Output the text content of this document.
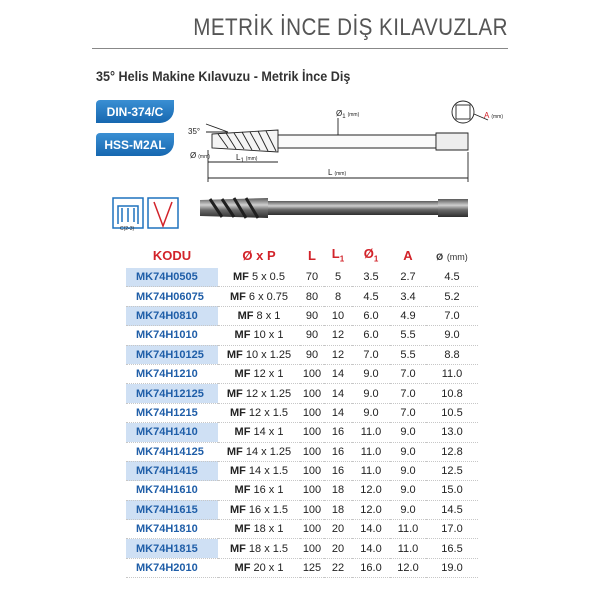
METRİK İNCE DİŞ KILAVUZLAR
35° Helis Makine Kılavuzu - Metrik İnce Diş
DIN-374/C
HSS-M2AL
35°
$Ø_1$ $^{(mm)}$
Ø (mm)	$L_1$ $^{(mm)}$
L (mm)
A (mm)
C(2-3)
KODU	Ø x P	L	$L_1$	$Ø_1$	A	Ø (mm)
MK74H0505	MF 5 x 0.5	70	5	3.5	2.7	4.5
MK74H06075	MF 6 x 0.75	80	8	4.5	3.4	5.2
MK74H0810	MF 8 x 1	90	10	6.0	4.9	7.0
MK74H1010	MF 10 x 1	90	12	6.0	5.5	9.0
MK74H10125	MF 10 x 1.25	90	12	7.0	5.5	8.8
MK74H1210	MF 12 x 1	100	14	9.0	7.0	11.0
MK74H12125	MF 12 x 1.25	100	14	9.0	7.0	10.8
MK74H1215	MF 12 x 1.5	100	14	9.0	7.0	10.5
MK74H1410	MF 14 x 1	100	16	11.0	9.0	13.0
MK74H14125	MF 14 x 1.25	100	16	11.0	9.0	12.8
MK74H1415	MF 14 x 1.5	100	16	11.0	9.0	12.5
MK74H1610	MF 16 x 1	100	18	12.0	9.0	15.0
MK74H1615	MF 16 x 1.5	100	18	12.0	9.0	14.5
MK74H1810	MF 18 x 1	100	20	14.0	11.0	17.0
MK74H1815	MF 18 x 1.5	100	20	14.0	11.0	16.5
MK74H2010	MF 20 x 1	125	22	16.0	12.0	19.0
